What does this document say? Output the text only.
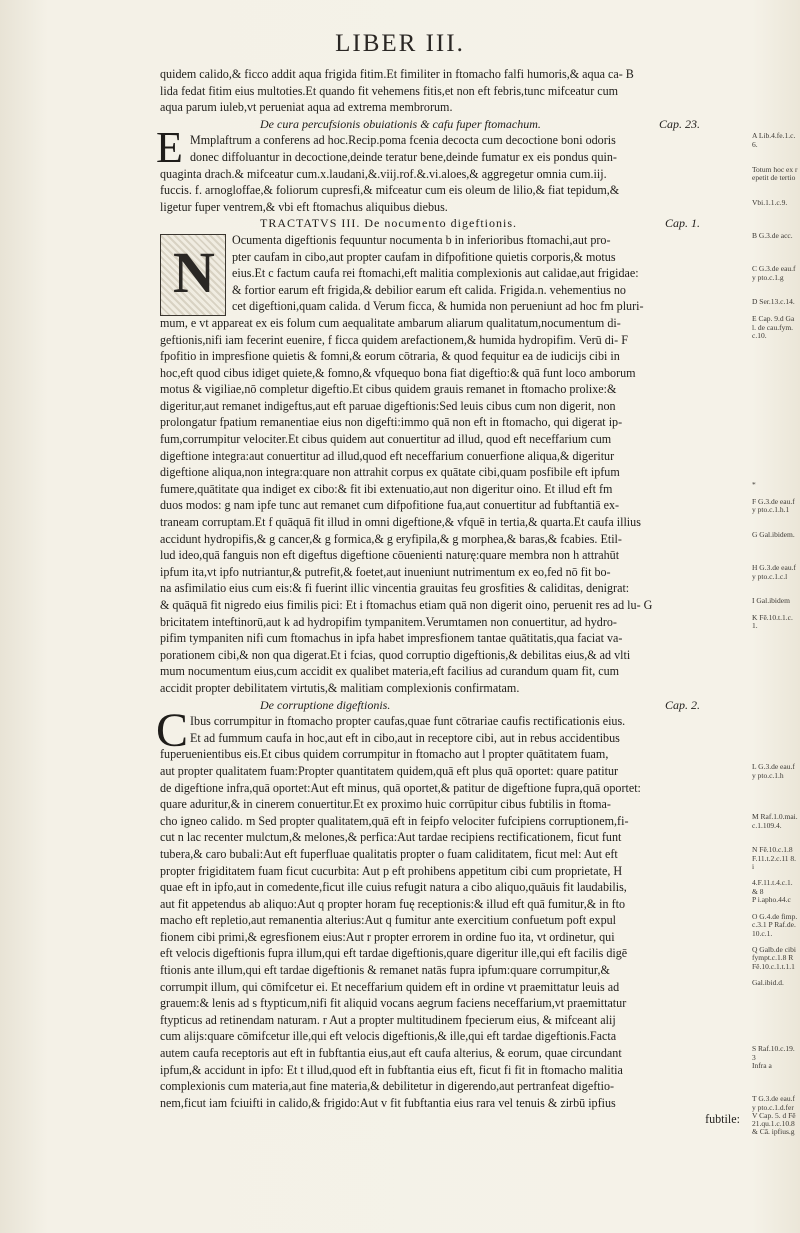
LIBER III.
quidem calido,& ficco addit aqua frigida fitim.Et fimiliter in ftomacho falfi humoris,& aqua ca- B
lida fedat fitim eius multoties.Et quando fit vehemens fitis,et non eft febris,tunc mifceatur cum
aqua parum iuleb,vt perueniat aqua ad extrema membrorum.
De cura percufsionis obuiationis & cafu fuper ftomachum.	Cap. 23.
Mmplaftrum a conferens ad hoc.Recip.poma fcenia decocta cum decoctione boni odoris
donec diffoluantur in decoctione,deinde teratur bene,deinde fumatur ex eis pondus quin-
quaginta drach.& mifceatur cum.x.laudani,&.viij.rof.&.vi.aloes,& aggregetur omnia cum.iij.
fuccis. f. arnogloffae,& foliorum cupresfi,& mifceatur cum eis oleum de lilio,& fiat tepidum,&
ligetur fuper ventrem,& vbi eft ftomachus aliquibus diebus.
TRACTATVS III. De nocumento digeftionis.	Cap. 1.
Ocumenta digeftionis fequuntur nocumenta b in inferioribus ftomachi,aut pro-
pter caufam in cibo,aut propter caufam in difpofitione quietis corporis,& motus
eius.Et c factum caufa rei ftomachi,eft malitia complexionis aut calidae,aut frigidae:
& fortior earum eft frigida,& debilior earum eft calida. Frigida.n. vehementius no
cet digeftioni,quam calida. d Verum ficca, & humida non perueniunt ad hoc fm pluri-
mum, e vt appareat ex eis folum cum aequalitate ambarum aliarum qualitatum,nocumentum di-
geftionis,nifi iam fecerint euenire, f ficca quidem arefactionem,& humida hydropifim. Verū di- F
fpofitio in impresfione quietis & fomni,& eorum cōtraria, & quod fequitur ea de iudicijs cibi in
hoc,eft quod cibus idiget quiete,& fomno,& vfquequo bona fiat digeftio:& quā funt loco amborum
motus & vigiliae,nō completur digeftio.Et cibus quidem grauis remanet in ftomacho prolixe:&
digeritur,aut remanet indigeftus,aut eft paruae digeftionis:Sed leuis cibus cum non digerit, non
prolongatur fpatium remanentiae eius non digefti:immo quā non eft in ftomacho, qui digerat ip-
fum,corrumpitur velociter.Et cibus quidem aut conuertitur ad illud, quod eft neceffarium cum
digeftione integra:aut conuertitur ad illud,quod eft neceffarium conuerfione aliqua,& digeritur
digeftione aliqua,non integra:quare non attrahit corpus ex quātate cibi,quam posfibile eft ipfum
fumere,quātitate qua indiget ex cibo:& fit ibi extenuatio,aut non digeritur oino. Et illud eft fm
duos modos: g nam ipfe tunc aut remanet cum difpofitione fua,aut conuertitur ad fubftantiā ex-
traneam corruptam.Et f quāquā fit illud in omni digeftione,& vfquē in tertia,& quarta.Et caufa illius
accidunt hydropifis,& g cancer,& g formica,& g eryfipila,& g morphea,& baras,& fcabies. Etil-
lud ideo,quā fanguis non eft digeftus digeftione cōuenienti naturę:quare membra non h attrahūt
ipfum ita,vt ipfo nutriantur,& putrefit,& foetet,aut inueniunt nutrimentum ex eo,fed nō fit bo-
na asfimilatio eius cum eis:& fi fuerint illic vincentia grauitas feu grosfities & caliditas, denigrat:
& quāquā fit nigredo eius fimilis pici: Et i ftomachus etiam quā non digerit oino, peruenit res ad lu- G
bricitatem inteftinorū,aut k ad hydropifim tympanitem.Verumtamen non conuertitur, ad hydro-
pifim tympaniten nifi cum ftomachus in ipfa habet impresfionem tantae quātitatis,qua faciat va-
porationem cibi,& non qua digerat.Et i fcias, quod corruptio digeftionis,& debilitas eius,& ad vlti
mum nocumentum eius,cum accidit ex qualibet materia,eft facilius ad curandum quam fit, cum
accidit propter debilitatem virtutis,& malitiam complexionis confirmatam.
De corruptione digeftionis.	Cap. 2.
Ibus corrumpitur in ftomacho propter caufas,quae funt cōtrariae caufis rectificationis eius.
Et ad fummum caufa in hoc,aut eft in cibo,aut in receptore cibi, aut in rebus accidentibus
fuperuenientibus eis.Et cibus quidem corrumpitur in ftomacho aut l propter quātitatem fuam,
aut propter qualitatem fuam:Propter quantitatem quidem,quā eft plus quā oportet: quare patitur
de digeftione infra,quā oportet:Aut eft minus, quā oportet,& patitur de digeftione fupra,quā oportet:
quare aduritur,& in cinerem conuertitur.Et ex proximo huic corrūpitur cibus fubtilis in ftoma-
cho igneo calido. m Sed propter qualitatem,quā eft in feipfo velociter fufcipiens corruptionem,fi-
cut n lac recenter mulctum,& melones,& perfica:Aut tardae recipiens rectificationem, ficut funt
tubera,& caro bubali:Aut eft fuperfluae qualitatis propter o fuam caliditatem, ficut mel: Aut eft
propter frigiditatem fuam ficut cucurbita: Aut p eft prohibens appetitum cibi cum proprietate, H
quae eft in ipfo,aut in comedente,ficut ille cuius refugit natura a cibo aliquo,quāuis fit laudabilis,
aut fit appetendus ab aliquo:Aut q propter horam fuę receptionis:& illud eft quā fumitur,& in fto
macho eft repletio,aut remanentia alterius:Aut q fumitur ante exercitium confuetum poft expul
fionem cibi primi,& egresfionem eius:Aut r propter errorem in ordine fuo ita, vt ordinetur, qui
eft velocis digeftionis fupra illum,qui eft tardae digeftionis,quare digeritur ille,qui eft facilis digē
ftionis ante illum,qui eft tardae digeftionis & remanet natās fupra ipfum:quare corrumpitur,&
corrumpit illum, qui cōmifcetur ei. Et neceffarium quidem eft in ordine vt praemittatur leuis ad
grauem:& lenis ad s ftypticum,nifi fit aliquid vocans aegrum faciens neceffarium,vt praemittatur
ftypticus ad retinendam naturam. r Aut a propter multitudinem fpecierum eius, & mifceant alij
cum alijs:quare cōmifcetur ille,qui eft velocis digeftionis,& ille,qui eft tardae digeftionis.Facta
autem caufa receptoris aut eft in fubftantia eius,aut eft caufa alterius, & eorum, quae circundant
ipfum,& accidunt in ipfo: Et t illud,quod eft in fubftantia eius eft, ficut fi fit in ftomacho malitia
complexionis cum materia,aut fine materia,& debilitetur in digerendo,aut pertranfeat digeftio-
nem,ficut iam fciuifti in calido,& frigido:Aut v fit fubftantia eius rara vel tenuis & zirbū ipfius
fubtile:
E
N
C
A Lib.4.fe.1.c.6.
Totum hoc ex repetit de tertio
Vbi.1.1.c.9.
B G.3.de acc.
C G.3.de eau.fy pto.c.1.g
D Ser.13.c.14.
E Cap. 9.d Gal. de cau.fym.c.10.
*
F G.3.de eau.fy pto.c.1.h.1
G Gal.ibidem.
H G.3.de eau.fy pto.c.1.c.l
I Gal.ibidem
K Fē.10.t.1.c.1.
L G.3.de eau.fy pto.c.1.h
M Raf.1.0.mai. c.1.109.4.
N Fē.10.c.1.8 F.11.t.2.c.11 8.i
4.F.11.t.4.c.1.& 8
P i.apho.44.c
O G.4.de fimp.c.3.1 P Raf.de.10.c.1.
Q Galb.de cibi fympt.c.1.8 R Fē.10.c.1.t.1.1
Gal.ibid.d.
S Raf.10.c.19.3
Infra a
T G.3.de eau.fy pto.c.1.d.fer
V Cap. 5. d Fē 21.qu.1.c.10.8
& Cā. ipfius.g
